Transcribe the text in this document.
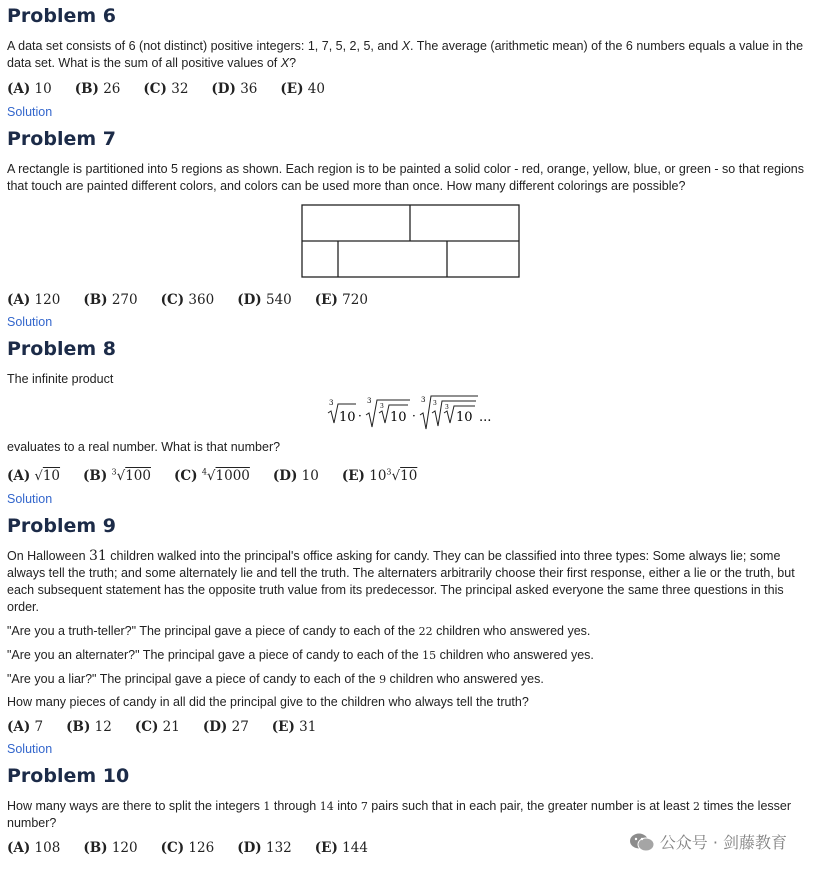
Problem 6

A data set consists of 6 (not distinct) positive integers: 1, 7, 5, 2, 5, and X. The average (arithmetic mean) of the 6 numbers equals a value in the data set. What is the sum of all positive values of X?

(A) 10 (B) 26 (C) 32 (D) 36 (E) 40
Solution
Problem 7

A rectangle is partitioned into 5 regions as shown. Each region is to be painted a solid color - red, orange, yellow, blue, or green - so that regions that touch are painted different colors, and colors can be used more than once. How many different colorings are possible?

(A) 120 (B) 270 (C) 360 (D) 540 (E) 720
Solution
Problem 8

The infinite product

3
10 ·
3
3
10 ·
3 3
3
10 ...

evaluates to a real number. What is that number?

(A) √10 (B) $^3$√100 (C) $^4$√1000 (D) 10 (E) $10^3√10$
Solution
Problem 9

On Halloween 31 children walked into the principal's office asking for candy. They can be classified into three types: Some always lie; some always tell the truth; and some alternately lie and tell the truth. The alternaters arbitrarily choose their first response, either a lie or the truth, but each subsequent statement has the opposite truth value from its predecessor. The principal asked everyone the same three questions in this order.

"Are you a truth-teller?" The principal gave a piece of candy to each of the 22 children who answered yes.

"Are you an alternater?" The principal gave a piece of candy to each of the 15 children who answered yes.

"Are you a liar?" The principal gave a piece of candy to each of the 9 children who answered yes.

How many pieces of candy in all did the principal give to the children who always tell the truth?

(A) 7 (B) 12 (C) 21 (D) 27 (E) 31
Solution
Problem 10

How many ways are there to split the integers 1 through 14 into 7 pairs such that in each pair, the greater number is at least 2 times the lesser number?

(A) 108 (B) 120 (C) 126 (D) 132 (E) 144	公众号 · 剑藤教育
